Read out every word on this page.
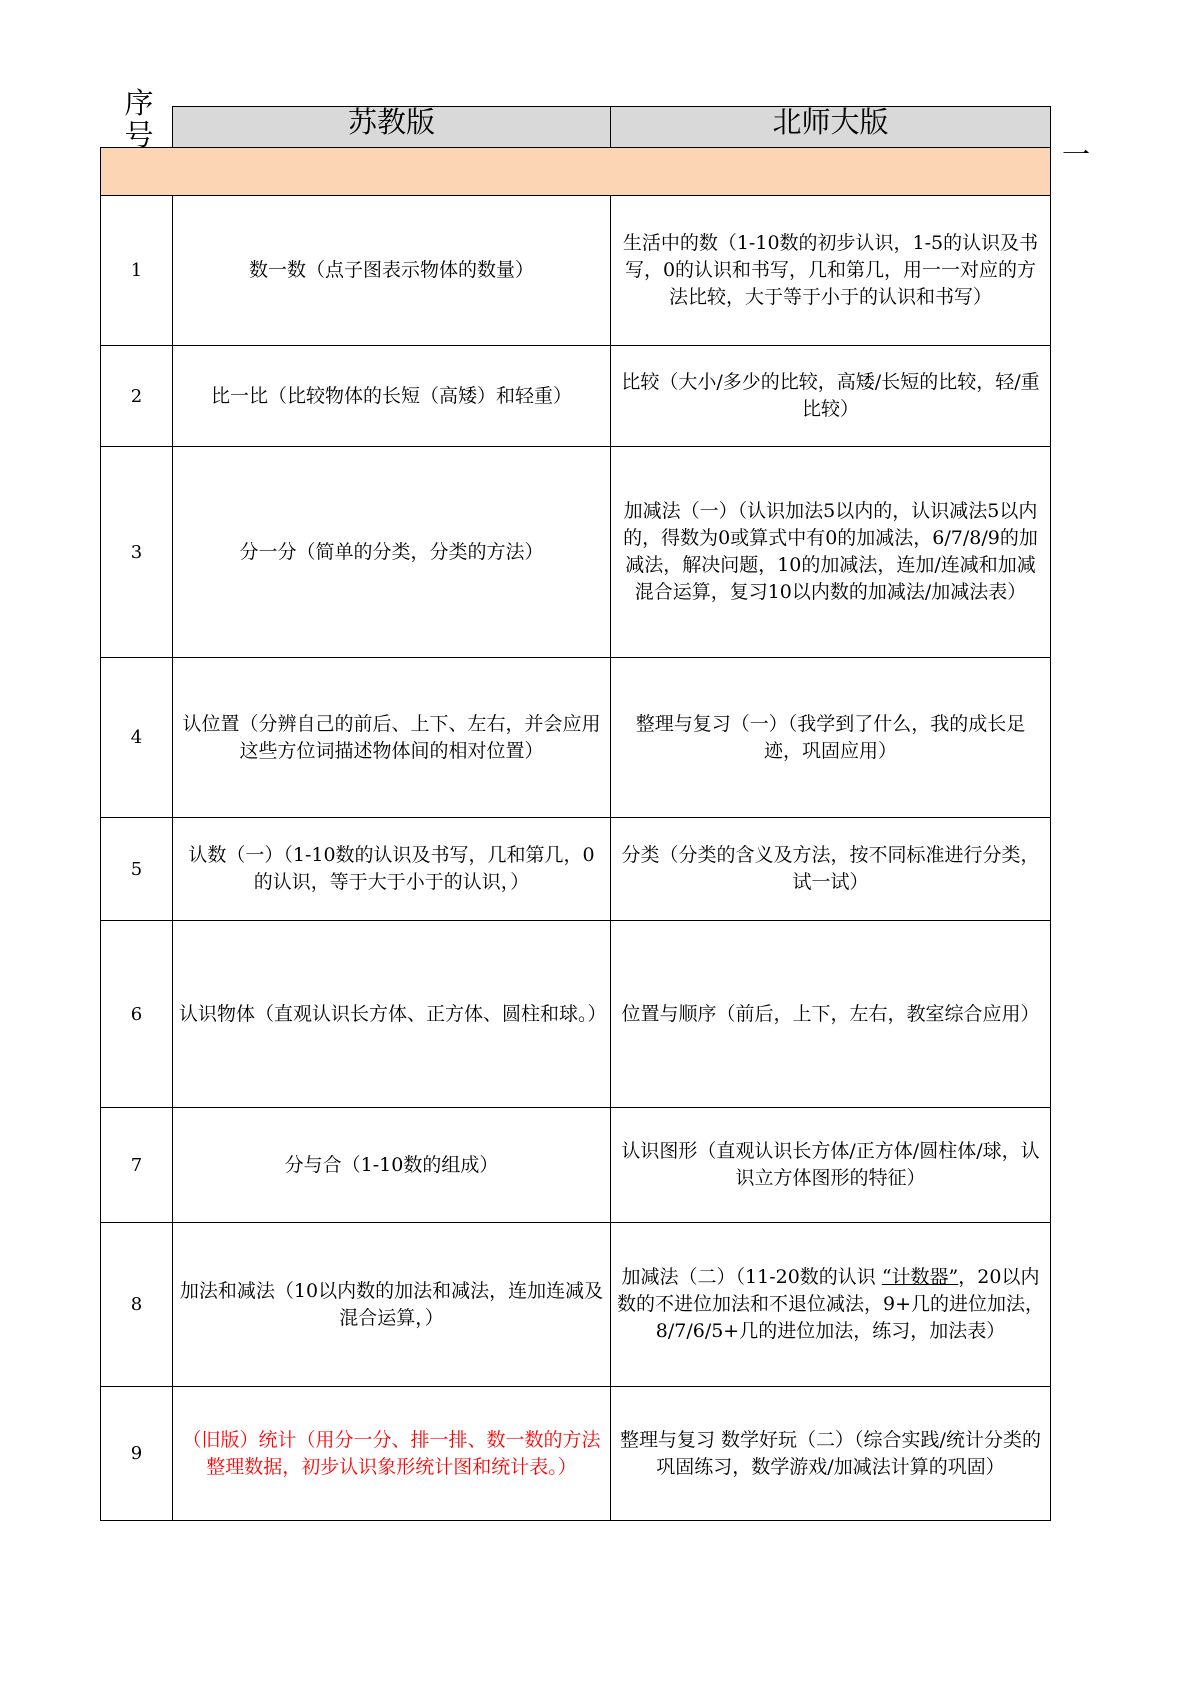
序号	苏教版	北师大版

1	数一数（点子图表示物体的数量）	生活中的数（1-10数的初步认识，1-5的认识及书写，0的认识和书写，几和第几，用一一对应的方法比较，大于等于小于的认识和书写）
2	比一比（比较物体的长短（高矮）和轻重）	比较（大小/多少的比较，高矮/长短的比较，轻/重比较）
3	分一分（简单的分类，分类的方法）	加减法（一）（认识加法5以内的，认识减法5以内的，得数为0或算式中有0的加减法，6/7/8/9的加减法，解决问题，10的加减法，连加/连减和加减混合运算，复习10以内数的加减法/加减法表）
4	认位置（分辨自己的前后、上下、左右，并会应用这些方位词描述物体间的相对位置）	整理与复习（一）（我学到了什么，我的成长足迹，巩固应用）
5	认数（一）（1-10数的认识及书写，几和第几，0的认识，等于大于小于的认识，）	分类（分类的含义及方法，按不同标准进行分类，试一试）
6	认识物体（直观认识长方体、正方体、圆柱和球。）	位置与顺序（前后，上下，左右，教室综合应用）
7	分与合（1-10数的组成）	认识图形（直观认识长方体/正方体/圆柱体/球，认识立方体图形的特征）
8	加法和减法（10以内数的加法和减法，连加连减及混合运算，）	加减法（二）（11-20数的认识 “计数器”，20以内数的不进位加法和不退位减法，9+几的进位加法，8/7/6/5+几的进位加法，练习，加法表）
9	（旧版）统计（用分一分、排一排、数一数的方法整理数据，初步认识象形统计图和统计表。）	整理与复习 数学好玩（二）（综合实践/统计分类的巩固练习，数学游戏/加减法计算的巩固）
一
